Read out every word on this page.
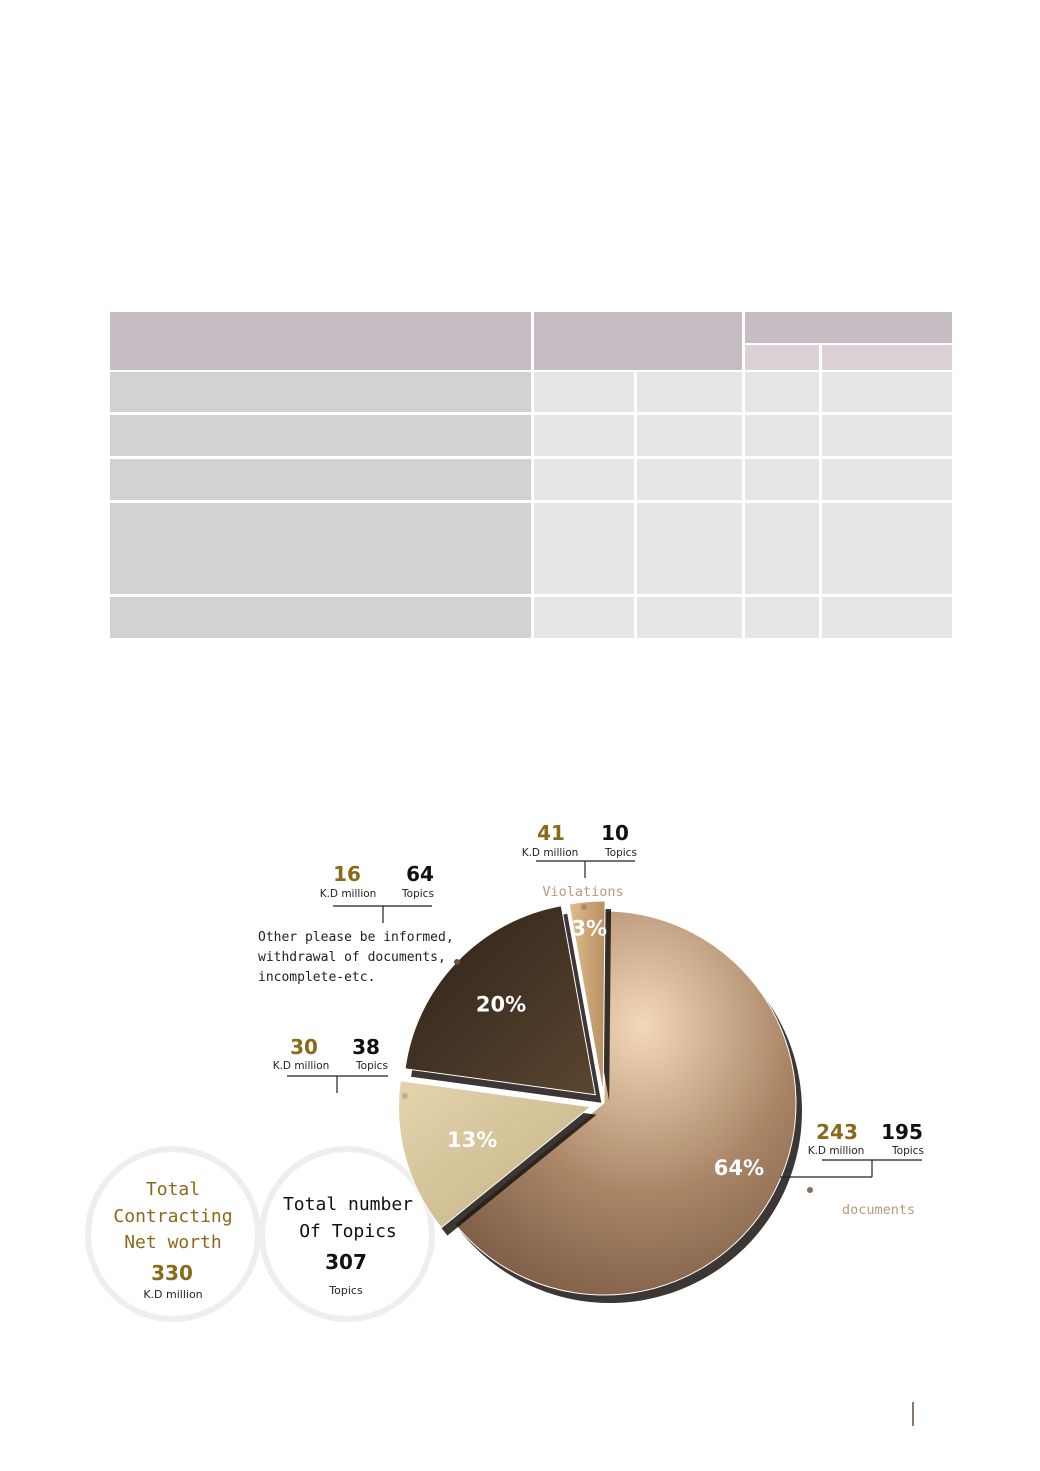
Total
Contracting
Net worth
330
K.D million
Total number
Of Topics
307
Topics
64%
13%
20%
3%
41 10
K.D million	Topics
Violations
16 64
K.D million Topics
Other please be informed,
withdrawal of documents,
incomplete-etc.
30 38
K.D million	Topics
243 195
K.D million	Topics
documents
